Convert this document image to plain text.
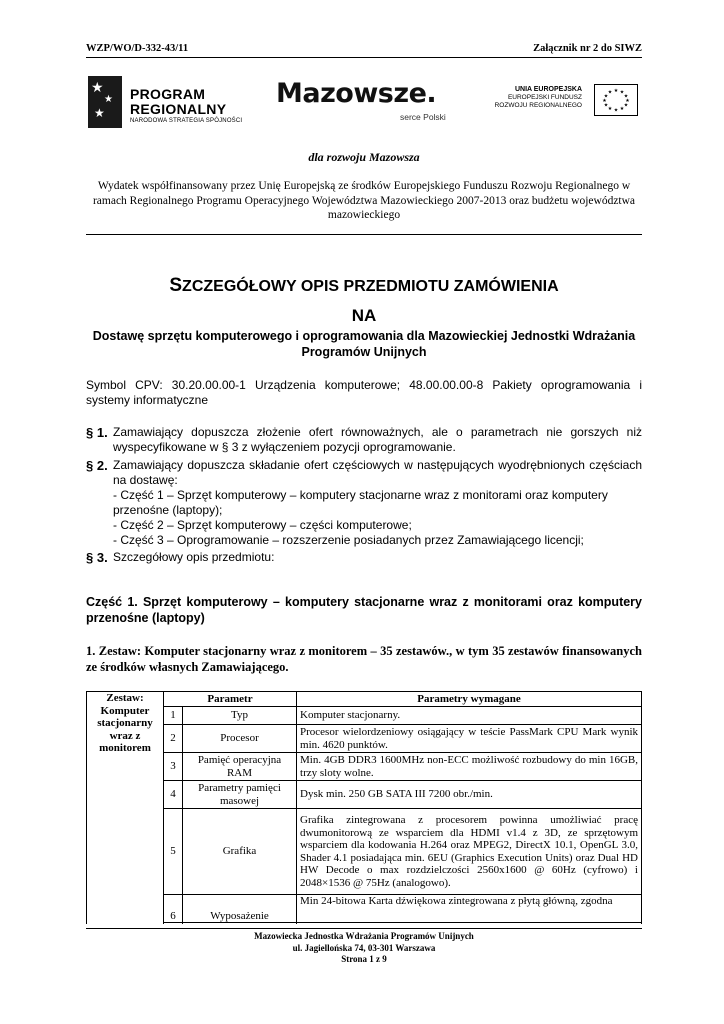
WZP/WO/D-332-43/11	Załącznik nr 2 do SIWZ
★
★
★
PROGRAM
REGIONALNY
NARODOWA STRATEGIA SPÓJNOŚCI
Mazowsze.
serce Polski
UNIA EUROPEJSKA
EUROPEJSKI FUNDUSZ
ROZWOJU REGIONALNEGO
★ ★
★
★
★
★
★
★
★
★
★
★
dla rozwoju Mazowsza
Wydatek współfinansowany przez Unię Europejską ze środków Europejskiego Funduszu Rozwoju Regionalnego w ramach Regionalnego Programu Operacyjnego Województwa Mazowieckiego 2007-2013 oraz budżetu województwa mazowieckiego
SZCZEGÓŁOWY OPIS PRZEDMIOTU ZAMÓWIENIA
NA
Dostawę sprzętu komputerowego i oprogramowania dla Mazowieckiej Jednostki Wdrażania Programów Unijnych
Symbol CPV: 30.20.00.00-1 Urządzenia komputerowe; 48.00.00.00-8 Pakiety oprogramowania i systemy informatyczne
§ 1. Zamawiający dopuszcza złożenie ofert równoważnych, ale o parametrach nie gorszych niż wyspecyfikowane w § 3 z wyłączeniem pozycji oprogramowanie.
§ 2. Zamawiający dopuszcza składanie ofert częściowych w następujących wyodrębnionych częściach na dostawę:
- Część 1 – Sprzęt komputerowy – komputery stacjonarne wraz z monitorami oraz komputery przenośne (laptopy);
- Część 2 – Sprzęt komputerowy – części komputerowe;
- Część 3 – Oprogramowanie – rozszerzenie posiadanych przez Zamawiającego licencji;
§ 3. Szczegółowy opis przedmiotu:
Część 1. Sprzęt komputerowy – komputery stacjonarne wraz z monitorami oraz komputery przenośne (laptopy)
1. Zestaw: Komputer stacjonarny wraz z monitorem – 35 zestawów., w tym 35 zestawów finansowanych ze środków własnych Zamawiającego.
Zestaw:
Komputer stacjonarny wraz z monitorem	Parametr		Parametry wymagane
	1	Typ	Komputer stacjonarny.
	2	Procesor	Procesor wielordzeniowy osiągający w teście PassMark CPU Mark wynik min. 4620 punktów.
	3	Pamięć operacyjna RAM	Min. 4GB DDR3 1600MHz non-ECC możliwość rozbudowy do min 16GB, trzy sloty wolne.
	4	Parametry pamięci masowej	Dysk min. 250 GB SATA III 7200 obr./min.
	5	Grafika	Grafika zintegrowana z procesorem powinna umożliwiać pracę dwumonitorową ze wsparciem dla HDMI v1.4 z 3D, ze sprzętowym wsparciem dla kodowania H.264 oraz MPEG2, DirectX 10.1, OpenGL 3.0, Shader 4.1 posiadająca min. 6EU (Graphics Execution Units) oraz Dual HD HW Decode o max rozdzielczości 2560x1600 @ 60Hz (cyfrowo) i 2048×1536 @ 75Hz (analogowo).
	6	Wyposażenie	Min 24-bitowa Karta dźwiękowa zintegrowana z płytą główną, zgodna

Mazowiecka Jednostka Wdrażania Programów Unijnych
ul. Jagiellońska 74, 03-301 Warszawa
Strona 1 z 9
